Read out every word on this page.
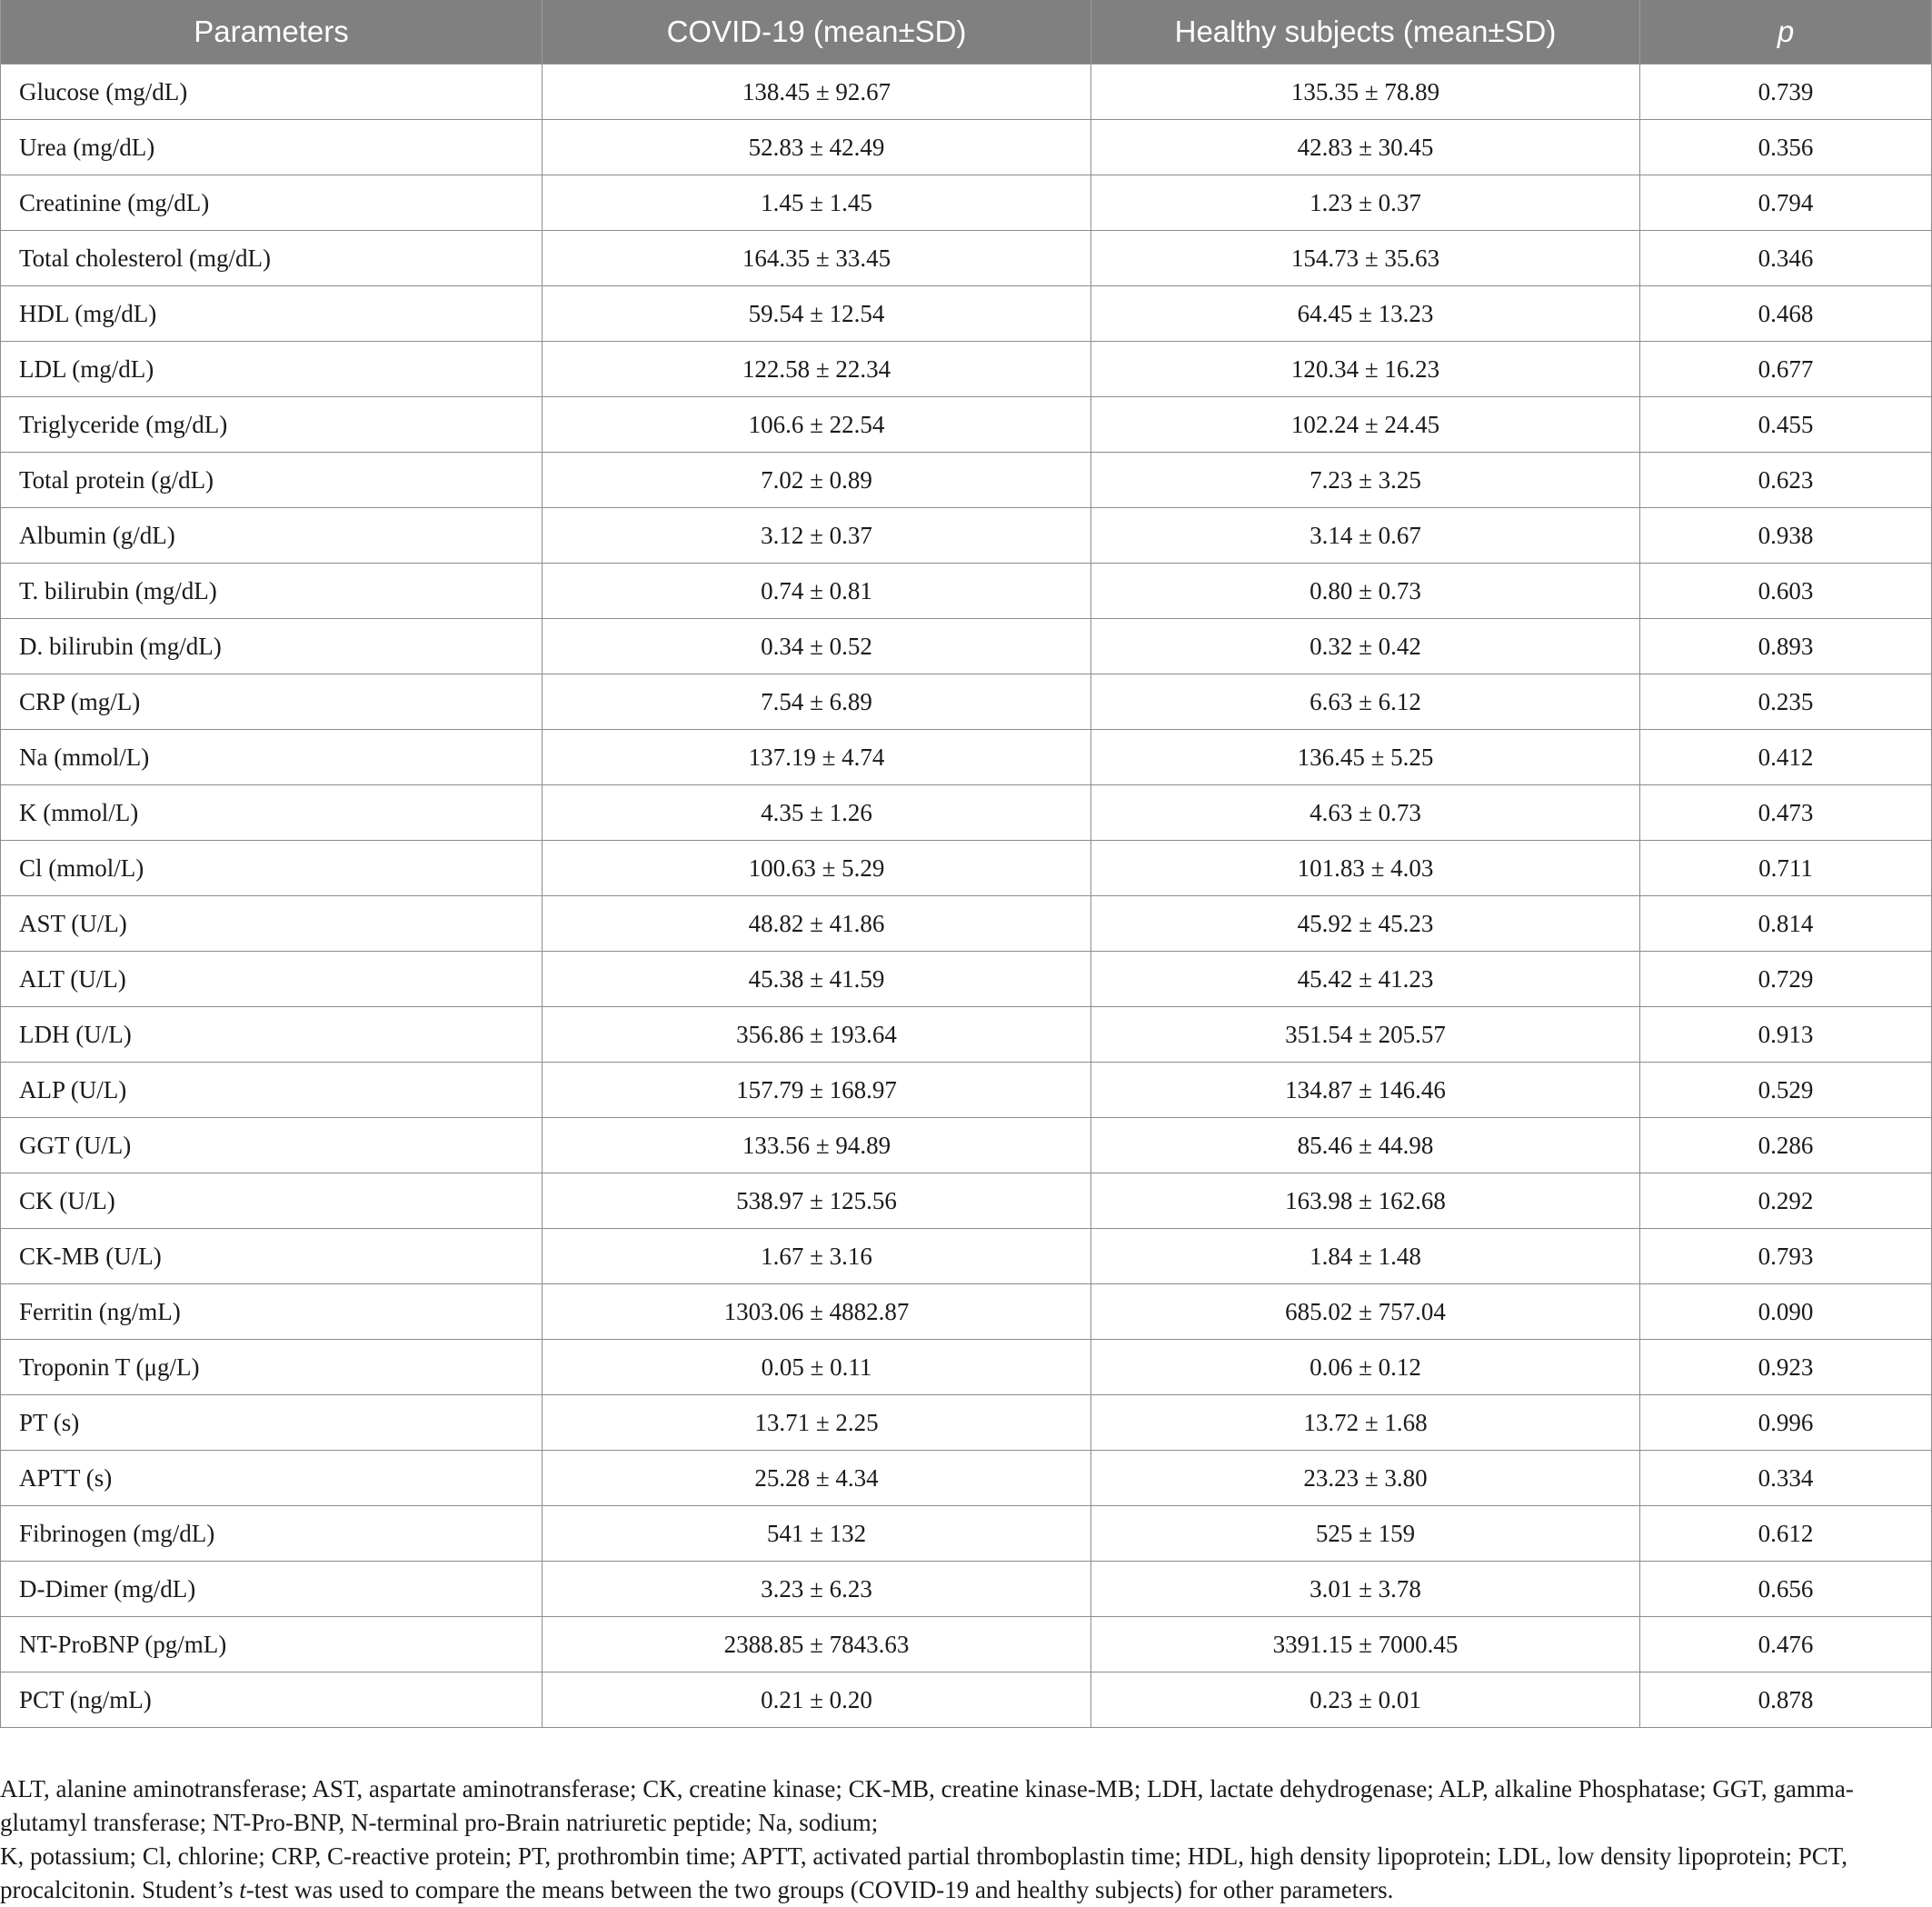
Parameters	COVID-19 (mean±SD)	Healthy subjects (mean±SD)	p
Glucose (mg/dL)	138.45 ± 92.67	135.35 ± 78.89	0.739
Urea (mg/dL)	52.83 ± 42.49	42.83 ± 30.45	0.356
Creatinine (mg/dL)	1.45 ± 1.45	1.23 ± 0.37	0.794
Total cholesterol (mg/dL)	164.35 ± 33.45	154.73 ± 35.63	0.346
HDL (mg/dL)	59.54 ± 12.54	64.45 ± 13.23	0.468
LDL (mg/dL)	122.58 ± 22.34	120.34 ± 16.23	0.677
Triglyceride (mg/dL)	106.6 ± 22.54	102.24 ± 24.45	0.455
Total protein (g/dL)	7.02 ± 0.89	7.23 ± 3.25	0.623
Albumin (g/dL)	3.12 ± 0.37	3.14 ± 0.67	0.938
T. bilirubin (mg/dL)	0.74 ± 0.81	0.80 ± 0.73	0.603
D. bilirubin (mg/dL)	0.34 ± 0.52	0.32 ± 0.42	0.893
CRP (mg/L)	7.54 ± 6.89	6.63 ± 6.12	0.235
Na (mmol/L)	137.19 ± 4.74	136.45 ± 5.25	0.412
K (mmol/L)	4.35 ± 1.26	4.63 ± 0.73	0.473
Cl (mmol/L)	100.63 ± 5.29	101.83 ± 4.03	0.711
AST (U/L)	48.82 ± 41.86	45.92 ± 45.23	0.814
ALT (U/L)	45.38 ± 41.59	45.42 ± 41.23	0.729
LDH (U/L)	356.86 ± 193.64	351.54 ± 205.57	0.913
ALP (U/L)	157.79 ± 168.97	134.87 ± 146.46	0.529
GGT (U/L)	133.56 ± 94.89	85.46 ± 44.98	0.286
CK (U/L)	538.97 ± 125.56	163.98 ± 162.68	0.292
CK-MB (U/L)	1.67 ± 3.16	1.84 ± 1.48	0.793
Ferritin (ng/mL)	1303.06 ± 4882.87	685.02 ± 757.04	0.090
Troponin T (μg/L)	0.05 ± 0.11	0.06 ± 0.12	0.923
PT (s)	13.71 ± 2.25	13.72 ± 1.68	0.996
APTT (s)	25.28 ± 4.34	23.23 ± 3.80	0.334
Fibrinogen (mg/dL)	541 ± 132	525 ± 159	0.612
D-Dimer (mg/dL)	3.23 ± 6.23	3.01 ± 3.78	0.656
NT-ProBNP (pg/mL)	2388.85 ± 7843.63	3391.15 ± 7000.45	0.476
PCT (ng/mL)	0.21 ± 0.20	0.23 ± 0.01	0.878

ALT, alanine aminotransferase; AST, aspartate aminotransferase; CK, creatine kinase; CK-MB, creatine kinase-MB; LDH, lactate dehydrogenase; ALP, alkaline Phosphatase; GGT, gamma-glutamyl transferase; NT-Pro-BNP, N-terminal pro-Brain natriuretic peptide; Na, sodium;

K, potassium; Cl, chlorine; CRP, C-reactive protein; PT, prothrombin time; APTT, activated partial thromboplastin time; HDL, high density lipoprotein; LDL, low density lipoprotein; PCT, procalcitonin. Student’s t-test was used to compare the means between the two groups (COVID-19 and healthy subjects) for other parameters.
